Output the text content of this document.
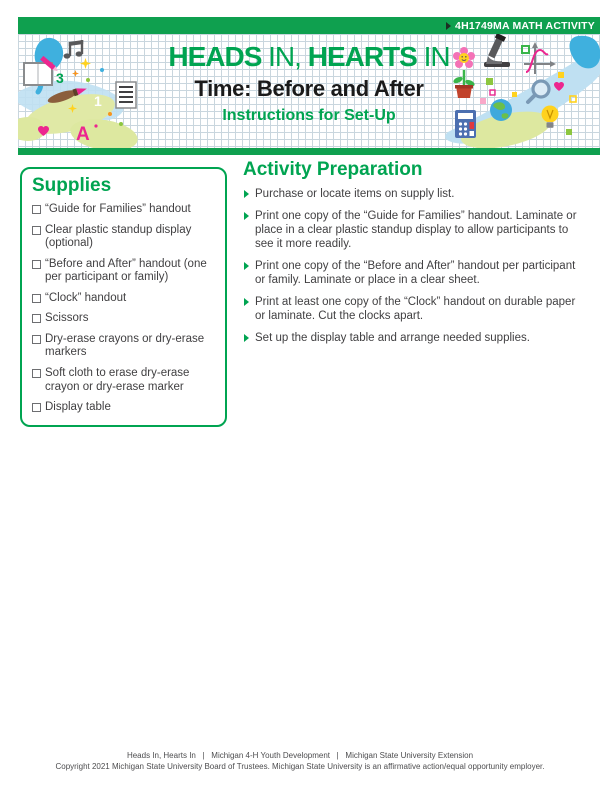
4H1749MA MATH ACTIVITY
3
1
A
HEADS IN, HEARTS IN
Time: Before and After
Instructions for Set-Up
Supplies
“Guide for Families” handout
Clear plastic standup display (optional)
“Before and After” handout (one per participant or family)
“Clock” handout
Scissors
Dry-erase crayons or dry-erase markers
Soft cloth to erase dry-erase crayon or dry-erase marker
Display table
Activity Preparation
Purchase or locate items on supply list.
Print one copy of the “Guide for Families” handout. Laminate or place in a clear plastic standup display to allow participants to see it more readily.
Print one copy of the “Before and After” handout per participant or family. Laminate or place in a clear sheet.
Print at least one copy of the “Clock” handout on durable paper or laminate. Cut the clocks apart.
Set up the display table and arrange needed supplies.
Heads In, Hearts In   |   Michigan 4-H Youth Development   |   Michigan State University Extension
Copyright 2021 Michigan State University Board of Trustees. Michigan State University is an affirmative action/equal opportunity employer.
